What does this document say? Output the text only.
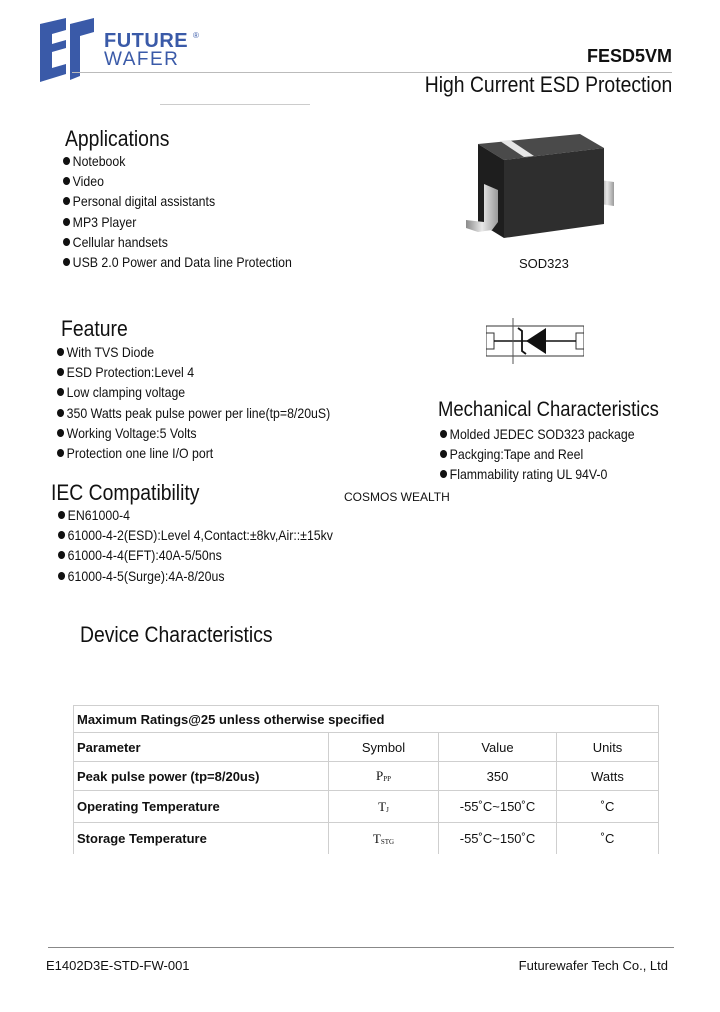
FUTURE ®
WAFER	FESD5VM
High Current ESD Protection
Applications
Notebook
Video
Personal digital assistants
MP3 Player
Cellular handsets
USB 2.0 Power and Data line Protection	SOD323
Feature
With TVS Diode
ESD Protection:Level 4
Low clamping voltage
350 Watts peak pulse power per line(tp=8/20uS)
Working Voltage:5 Volts
Protection one line I/O port
Mechanical Characteristics
Molded JEDEC SOD323 package
Packging:Tape and Reel
Flammability rating UL 94V-0
IEC Compatibility
EN61000-4
61000-4-2(ESD):Level 4,Contact:±8kv,Air::±15kv
61000-4-4(EFT):40A-5/50ns
61000-4-5(Surge):4A-8/20us
COSMOS WEALTH
Device Characteristics
Maximum Ratings@25 unless otherwise specified			
Parameter	Symbol	Value	Units
Peak pulse power (tp=8/20us)	PPP	350	Watts
Operating Temperature	TJ	-55˚C~150˚C	˚C
Storage Temperature	TSTG	-55˚C~150˚C	˚C
E1402D3E-STD-FW-001	Futurewafer Tech Co., Ltd
